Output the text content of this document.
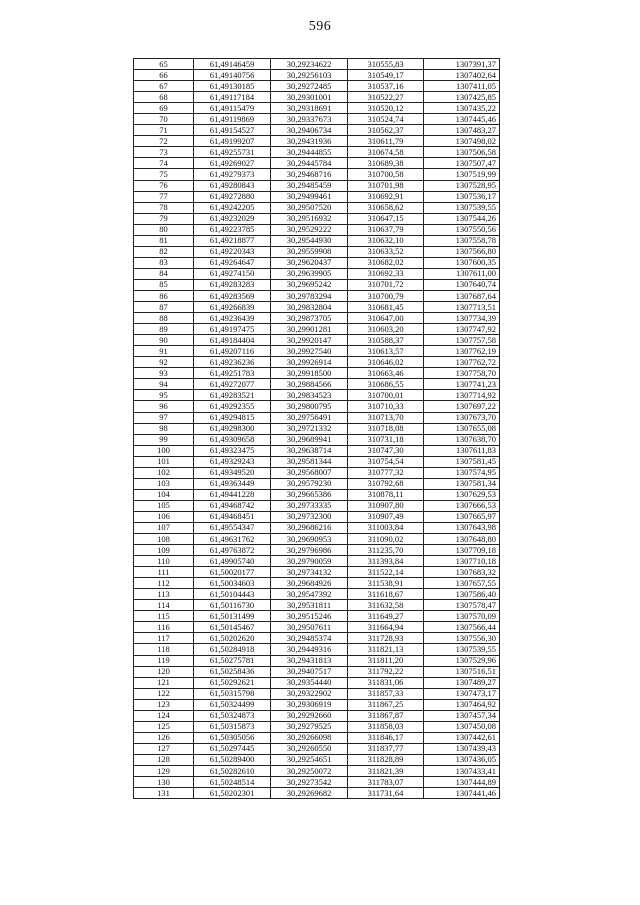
596
65	61,49146459	30,29234622	310555,83	1307391,37
66	61,49140756	30,29256103	310549,17	1307402,64
67	61,49130185	30,29272485	310537,16	1307411,05
68	61,49117184	30,29301001	310522,27	1307425,85
69	61,49115479	30,29318691	310520,12	1307435,22
70	61,49119869	30,29337673	310524,74	1307445,46
71	61,49154527	30,29406734	310562,37	1307483,27
72	61,49199207	30,29431936	310611,79	1307498,02
73	61,49255731	30,29444855	310674,58	1307506,58
74	61,49269027	30,29445784	310689,38	1307507,47
75	61,49279373	30,29468716	310700,58	1307519,99
76	61,49280843	30,29485459	310701,98	1307528,95
77	61,49272880	30,29499461	310692,91	1307536,17
78	61,49242205	30,29507520	310658,62	1307539,55
79	61,49232029	30,29516932	310647,15	1307544,26
80	61,49223785	30,29529222	310637,79	1307550,56
81	61,49218877	30,29544930	310632,10	1307558,78
82	61,49220343	30,29559908	310633,52	1307566,80
83	61,49264647	30,29620437	310682,02	1307600,35
84	61,49274150	30,29639905	310692,33	1307611,00
85	61,49283283	30,29695242	310701,72	1307640,74
86	61,49283569	30,29783294	310700,79	1307687,64
87	61,49266839	30,29832804	310681,45	1307713,51
88	61,49236439	30,29873705	310647,00	1307734,39
89	61,49197475	30,29901281	310603,20	1307747,92
90	61,49184404	30,29920147	310588,37	1307757,58
91	61,49207116	30,29927540	310613,57	1307762,19
92	61,49236236	30,29926914	310646,02	1307762,72
93	61,49251783	30,29918500	310663,46	1307758,70
94	61,49272077	30,29884566	310686,55	1307741,23
95	61,49283521	30,29834523	310700,01	1307714,92
96	61,49292355	30,29800795	310710,33	1307697,22
97	61,49294815	30,29756491	310713,70	1307673,70
98	61,49298300	30,29721332	310718,08	1307655,08
99	61,49309658	30,29689941	310731,18	1307638,70
100	61,49323475	30,29638714	310747,30	1307611,83
101	61,49329243	30,29581344	310754,54	1307581,45
102	61,49349520	30,29568007	310777,32	1307574,95
103	61,49363449	30,29579230	310792,68	1307581,34
104	61,49441228	30,29665386	310878,11	1307629,53
105	61,49468742	30,29733335	310907,80	1307666,53
106	61,49468451	30,29732300	310907,49	1307665,97
107	61,49554347	30,29686216	311003,84	1307643,98
108	61,49631762	30,29690953	311090,02	1307648,80
109	61,49763872	30,29796986	311235,70	1307709,18
110	61,49905740	30,29790059	311393,84	1307710,18
111	61,50020177	30,29734132	311522,14	1307683,32
112	61,50034603	30,29684926	311538,91	1307657,55
113	61,50104443	30,29547392	311618,67	1307586,40
114	61,50116730	30,29531811	311632,58	1307578,47
115	61,50131499	30,29515246	311649,27	1307570,09
116	61,50145467	30,29507611	311664,94	1307566,44
117	61,50202620	30,29485374	311728,93	1307556,30
118	61,50284918	30,29449316	311821,13	1307539,55
119	61,50275781	30,29431813	311811,20	1307529,96
120	61,50258436	30,29407517	311792,22	1307516,51
121	61,50292621	30,29354440	311831,06	1307489,27
122	61,50315798	30,29322902	311857,33	1307473,17
123	61,50324499	30,29306919	311867,25	1307464,92
124	61,50324873	30,29292660	311867,87	1307457,34
125	61,50315873	30,29279525	311858,03	1307450,08
126	61,50305056	30,29266098	311846,17	1307442,61
127	61,50297445	30,29260550	311837,77	1307439,43
128	61,50289400	30,29254651	311828,89	1307436,05
129	61,50282610	30,29250072	311821,39	1307433,41
130	61,50248514	30,29273542	311783,07	1307444,89
131	61,50202301	30,29269682	311731,64	1307441,46
